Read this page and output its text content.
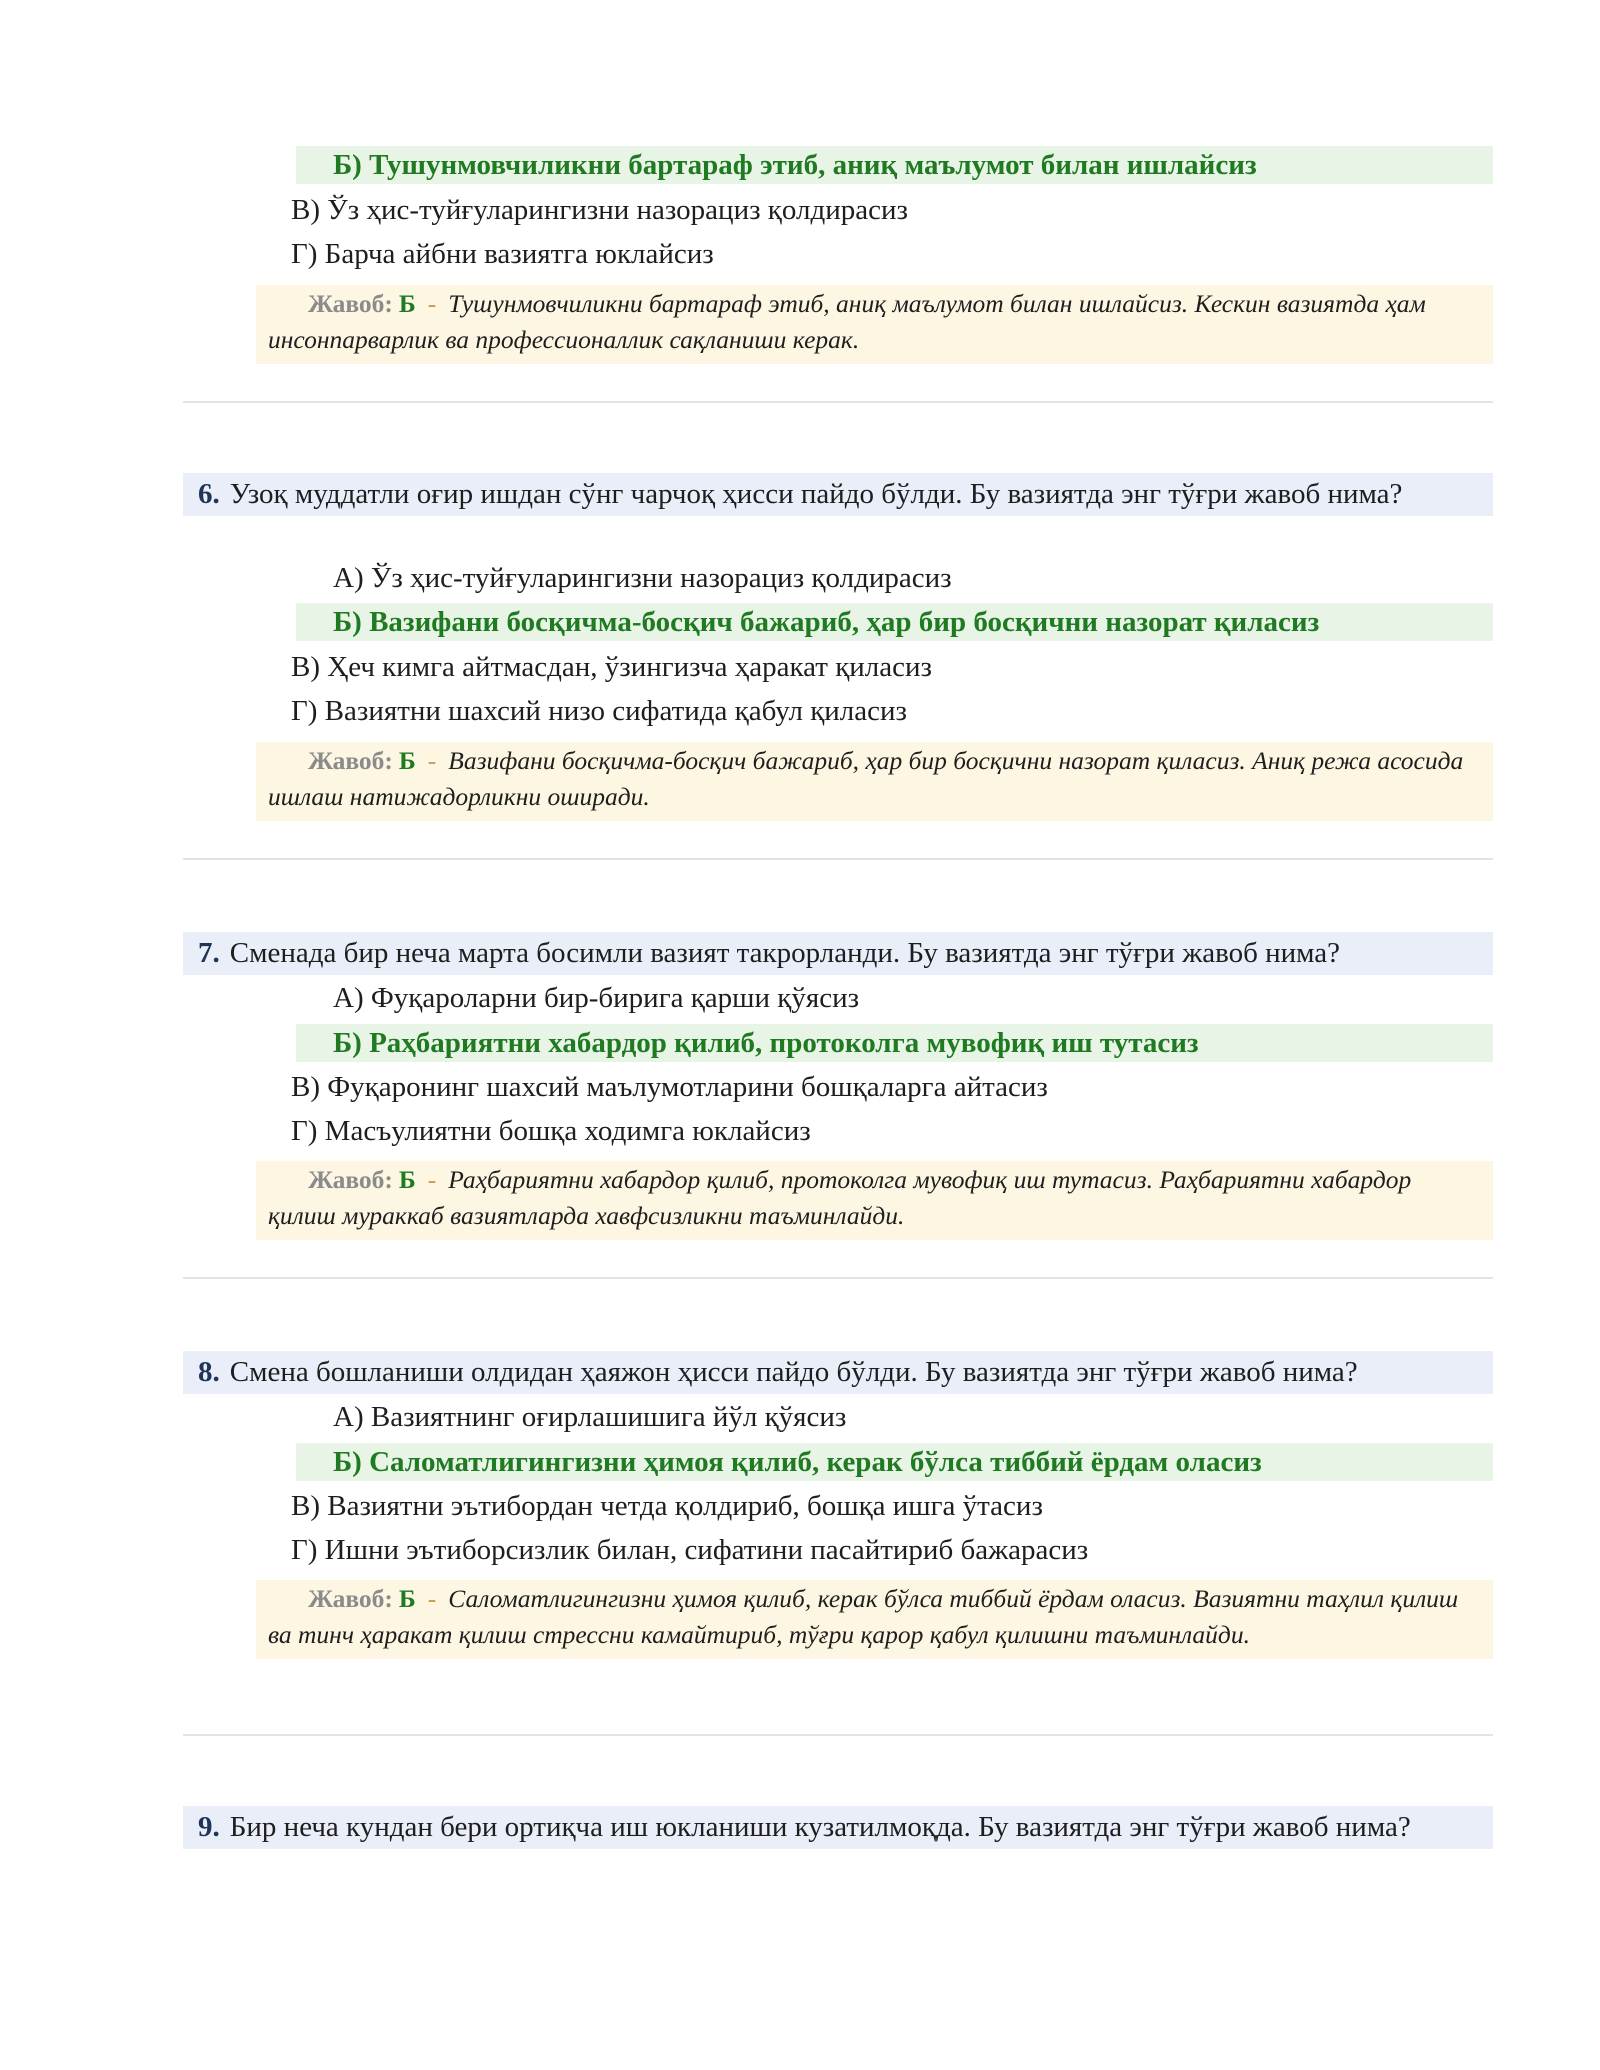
Б) Тушунмовчиликни бартараф этиб, аниқ маълумот билан ишлайсиз
В) Ўз ҳис-туйғуларингизни назорациз қолдирасиз
Г) Барча айбни вазиятга юклайсиз
Жавоб: Б - Тушунмовчиликни бартараф этиб, аниқ маълумот билан ишлайсиз. Кескин вазиятда ҳам инсонпарварлик ва профессионаллик сақланиши керак.
6. Узоқ муддатли оғир ишдан сўнг чарчоқ ҳисси пайдо бўлди. Бу вазиятда энг тўғри жавоб нима?
А) Ўз ҳис-туйғуларингизни назорациз қолдирасиз
Б) Вазифани босқичма-босқич бажариб, ҳар бир босқични назорат қиласиз
В) Ҳеч кимга айтмасдан, ўзингизча ҳаракат қиласиз
Г) Вазиятни шахсий низо сифатида қабул қиласиз
Жавоб: Б - Вазифани босқичма-босқич бажариб, ҳар бир босқични назорат қиласиз. Аниқ режа асосида ишлаш натижадорликни оширади.
7. Сменада бир неча марта босимли вазият такрорланди. Бу вазиятда энг тўғри жавоб нима?
А) Фуқароларни бир-бирига қарши қўясиз
Б) Раҳбариятни хабардор қилиб, протоколга мувофиқ иш тутасиз
В) Фуқаронинг шахсий маълумотларини бошқаларга айтасиз
Г) Масъулиятни бошқа ходимга юклайсиз
Жавоб: Б - Раҳбариятни хабардор қилиб, протоколга мувофиқ иш тутасиз. Раҳбариятни хабардор қилиш мураккаб вазиятларда хавфсизликни таъминлайди.
8. Смена бошланиши олдидан ҳаяжон ҳисси пайдо бўлди. Бу вазиятда энг тўғри жавоб нима?
А) Вазиятнинг оғирлашишига йўл қўясиз
Б) Саломатлигингизни ҳимоя қилиб, керак бўлса тиббий ёрдам оласиз
В) Вазиятни эътибордан четда қолдириб, бошқа ишга ўтасиз
Г) Ишни эътиборсизлик билан, сифатини пасайтириб бажарасиз
Жавоб: Б - Саломатлигингизни ҳимоя қилиб, керак бўлса тиббий ёрдам оласиз. Вазиятни таҳлил қилиш ва тинч ҳаракат қилиш стрессни камайтириб, тўғри қарор қабул қилишни таъминлайди.
9. Бир неча кундан бери ортиқча иш юкланиши кузатилмоқда. Бу вазиятда энг тўғри жавоб нима?
